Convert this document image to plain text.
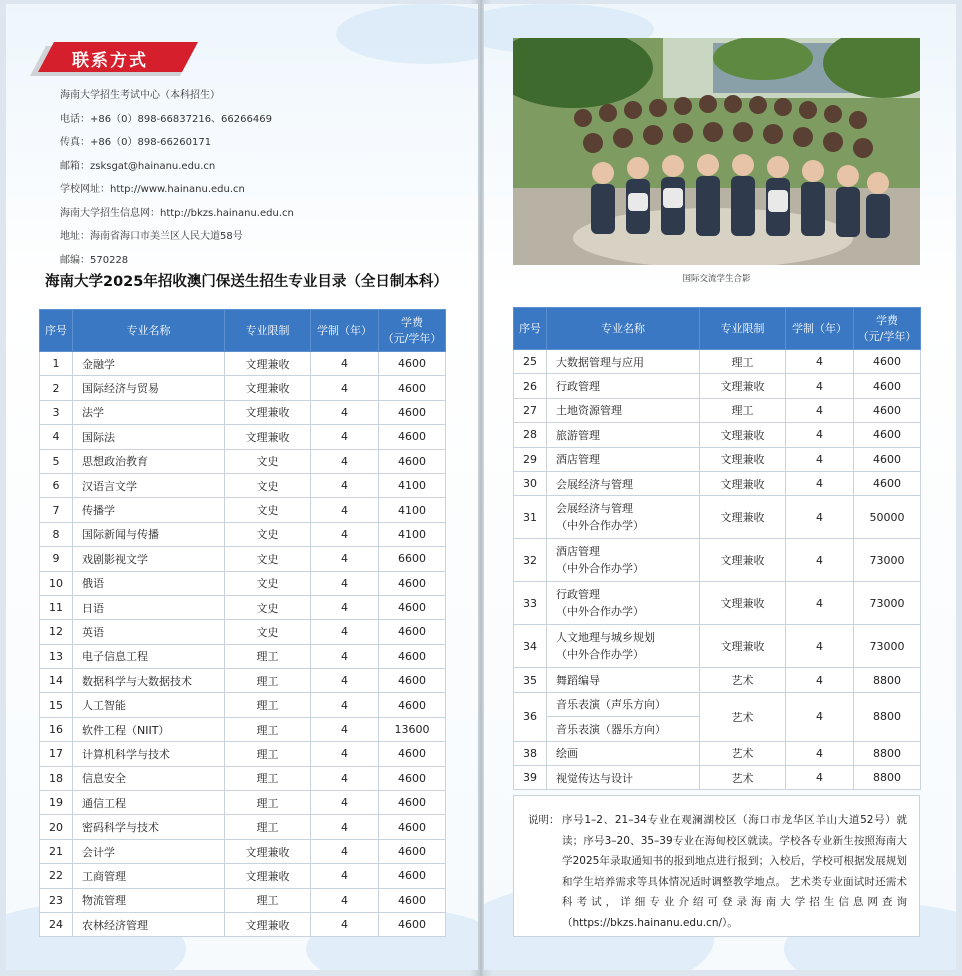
联系方式
海南大学招生考试中心（本科招生）
电话：+86（0）898-66837216、66266469
传真：+86（0）898-66260171
邮箱：zsksgat@hainanu.edu.cn
学校网址：http://www.hainanu.edu.cn
海南大学招生信息网：http://bkzs.hainanu.edu.cn
地址：海南省海口市美兰区人民大道58号
邮编：570228
海南大学2025年招收澳门保送生招生专业目录（全日制本科）
序号	专业名称	专业限制	学制（年）	学费
（元/学年）

1	金融学	文理兼收	4	4600
2	国际经济与贸易	文理兼收	4	4600
3	法学	文理兼收	4	4600
4	国际法	文理兼收	4	4600
5	思想政治教育	文史	4	4600
6	汉语言文学	文史	4	4100
7	传播学	文史	4	4100
8	国际新闻与传播	文史	4	4100
9	戏剧影视文学	文史	4	6600
10	俄语	文史	4	4600
11	日语	文史	4	4600
12	英语	文史	4	4600
13	电子信息工程	理工	4	4600
14	数据科学与大数据技术	理工	4	4600
15	人工智能	理工	4	4600
16	软件工程（NIIT）	理工	4	13600
17	计算机科学与技术	理工	4	4600
18	信息安全	理工	4	4600
19	通信工程	理工	4	4600
20	密码科学与技术	理工	4	4600
21	会计学	文理兼收	4	4600
22	工商管理	文理兼收	4	4600
23	物流管理	理工	4	4600
24	农林经济管理	文理兼收	4	4600
国际交流学生合影
序号	专业名称	专业限制	学制（年）	学费
（元/学年）

25	大数据管理与应用	理工	4	4600
26	行政管理	文理兼收	4	4600
27	土地资源管理	理工	4	4600
28	旅游管理	文理兼收	4	4600
29	酒店管理	文理兼收	4	4600
30	会展经济与管理	文理兼收	4	4600
31	会展经济与管理
（中外合作办学）	文理兼收	4	50000
32	酒店管理
（中外合作办学）	文理兼收	4	73000
33	行政管理
（中外合作办学）	文理兼收	4	73000
34	人文地理与城乡规划
（中外合作办学）	文理兼收	4	73000
35	舞蹈编导	艺术	4	8800
36	音乐表演（声乐方向）	艺术	4	8800
	音乐表演（器乐方向）			
38	绘画	艺术	4	8800
39	视觉传达与设计	艺术	4	8800
说明： 序号1–2、21–34专业在观澜湖校区（海口市龙华区羊山大道52号）就读；序号3–20、35–39专业在海甸校区就读。学校各专业新生按照海南大学2025年录取通知书的报到地点进行报到；入校后，学校可根据发展规划和学生培养需求等具体情况适时调整教学地点。 艺术类专业面试时还需术科考试，详细专业介绍可登录海南大学招生信息网查询（https://bkzs.hainanu.edu.cn/）。
